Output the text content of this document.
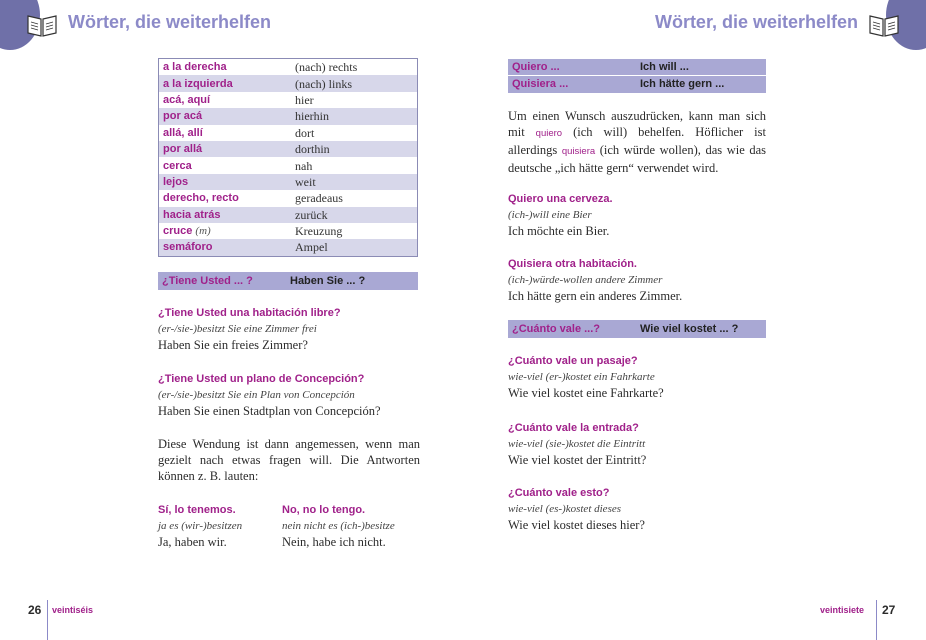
Wörter, die weiterhelfen	Wörter, die weiterhelfen
a la derecha	(nach) rechts
a la izquierda	(nach) links
acá, aquí	hier
por acá	hierhin
allá, allí	dort
por allá	dorthin
cerca	nah
lejos	weit
derecho, recto	geradeaus
hacia atrás	zurück
cruce (m)	Kreuzung
semáforo	Ampel
¿Tiene Usted ... ?	Haben Sie ... ?
¿Tiene Usted una habitación libre?
(er-/sie-)besitzt Sie eine Zimmer frei
Haben Sie ein freies Zimmer?
¿Tiene Usted un plano de Concepción?
(er-/sie-)besitzt Sie ein Plan von Concepción
Haben Sie einen Stadtplan von Concepción?
Diese Wendung ist dann angemessen, wenn man gezielt nach etwas fragen will. Die Antworten können z. B. lauten:
Sí, lo tenemos.
ja es (wir-)besitzen
Ja, haben wir.
No, no lo tengo.
nein nicht es (ich-)besitze
Nein, habe ich nicht.
Quiero ...	Ich will ...
Quisiera ...	Ich hätte gern ...
Um einen Wunsch auszudrücken, kann man sich mit quiero (ich will) behelfen. Höflicher ist allerdings quisiera (ich würde wollen), das wie das deutsche „ich hätte gern“ verwendet wird.
Quiero una cerveza.
(ich-)will eine Bier
Ich möchte ein Bier.
Quisiera otra habitación.
(ich-)würde-wollen andere Zimmer
Ich hätte gern ein anderes Zimmer.
¿Cuánto vale ...?	Wie viel kostet ... ?
¿Cuánto vale un pasaje?
wie-viel (er-)kostet ein Fahrkarte
Wie viel kostet eine Fahrkarte?
¿Cuánto vale la entrada?
wie-viel (sie-)kostet die Eintritt
Wie viel kostet der Eintritt?
¿Cuánto vale esto?
wie-viel (es-)kostet dieses
Wie viel kostet dieses hier?
26 veintiséis	veintisiete 27
